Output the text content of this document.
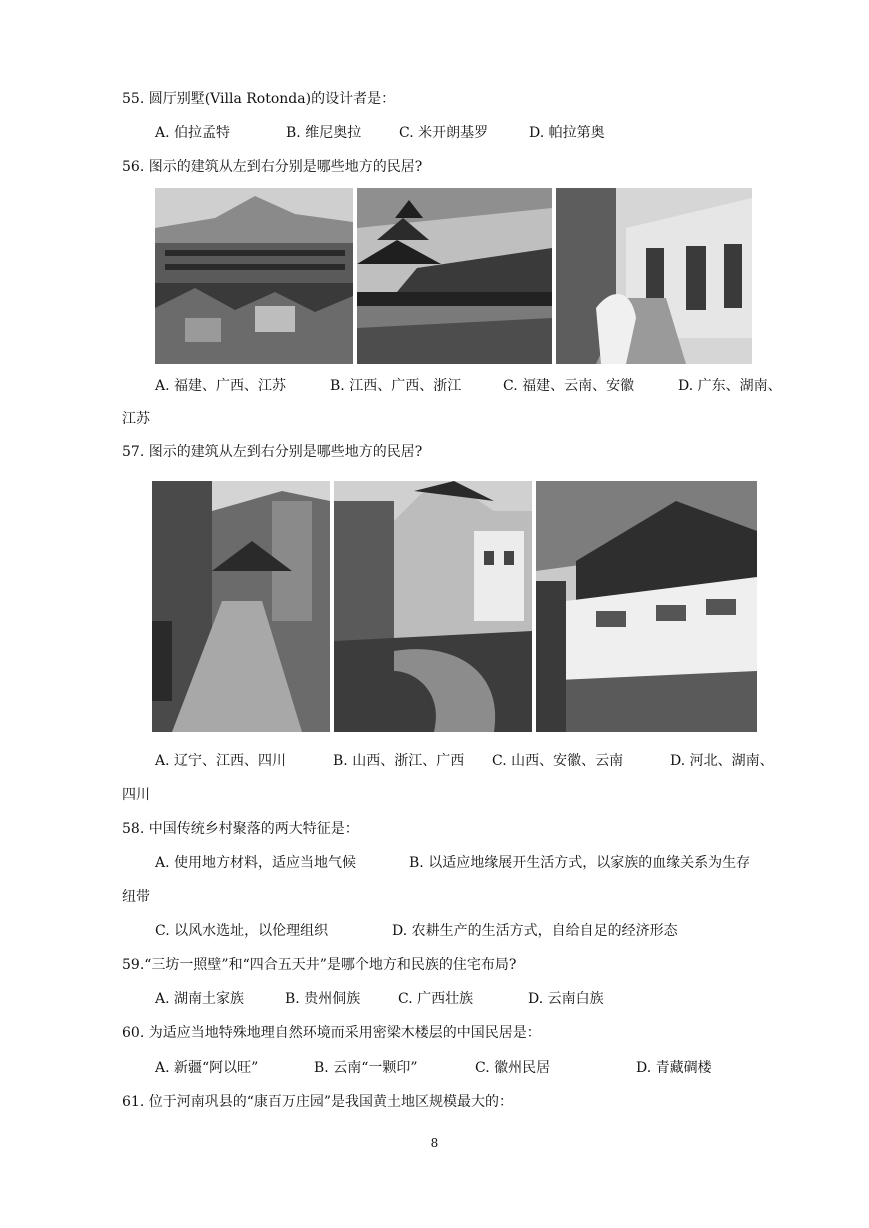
55. 圆厅别墅(Villa Rotonda)的设计者是：
A. 伯拉孟特	B. 维尼奥拉	C. 米开朗基罗	D. 帕拉第奥
56. 图示的建筑从左到右分别是哪些地方的民居?
A. 福建、广西、江苏	B. 江西、广西、浙江	C. 福建、云南、安徽	D. 广东、湖南、
江苏
57. 图示的建筑从左到右分别是哪些地方的民居?
A. 辽宁、江西、四川	B. 山西、浙江、广西 C. 山西、安徽、云南	D. 河北、湖南、
四川
58. 中国传统乡村聚落的两大特征是：
A. 使用地方材料，适应当地气候	B. 以适应地缘展开生活方式，以家族的血缘关系为生存
纽带
C. 以风水选址，以伦理组织	D. 农耕生产的生活方式，自给自足的经济形态
59.“三坊一照壁”和“四合五天井”是哪个地方和民族的住宅布局?
A. 湖南土家族	B. 贵州侗族	C. 广西壮族	D. 云南白族
60. 为适应当地特殊地理自然环境而采用密梁木楼层的中国民居是：
A. 新疆“阿以旺”	B. 云南“一颗印”	C. 徽州民居	D. 青藏碉楼
61. 位于河南巩县的“康百万庄园”是我国黄土地区规模最大的：
8
